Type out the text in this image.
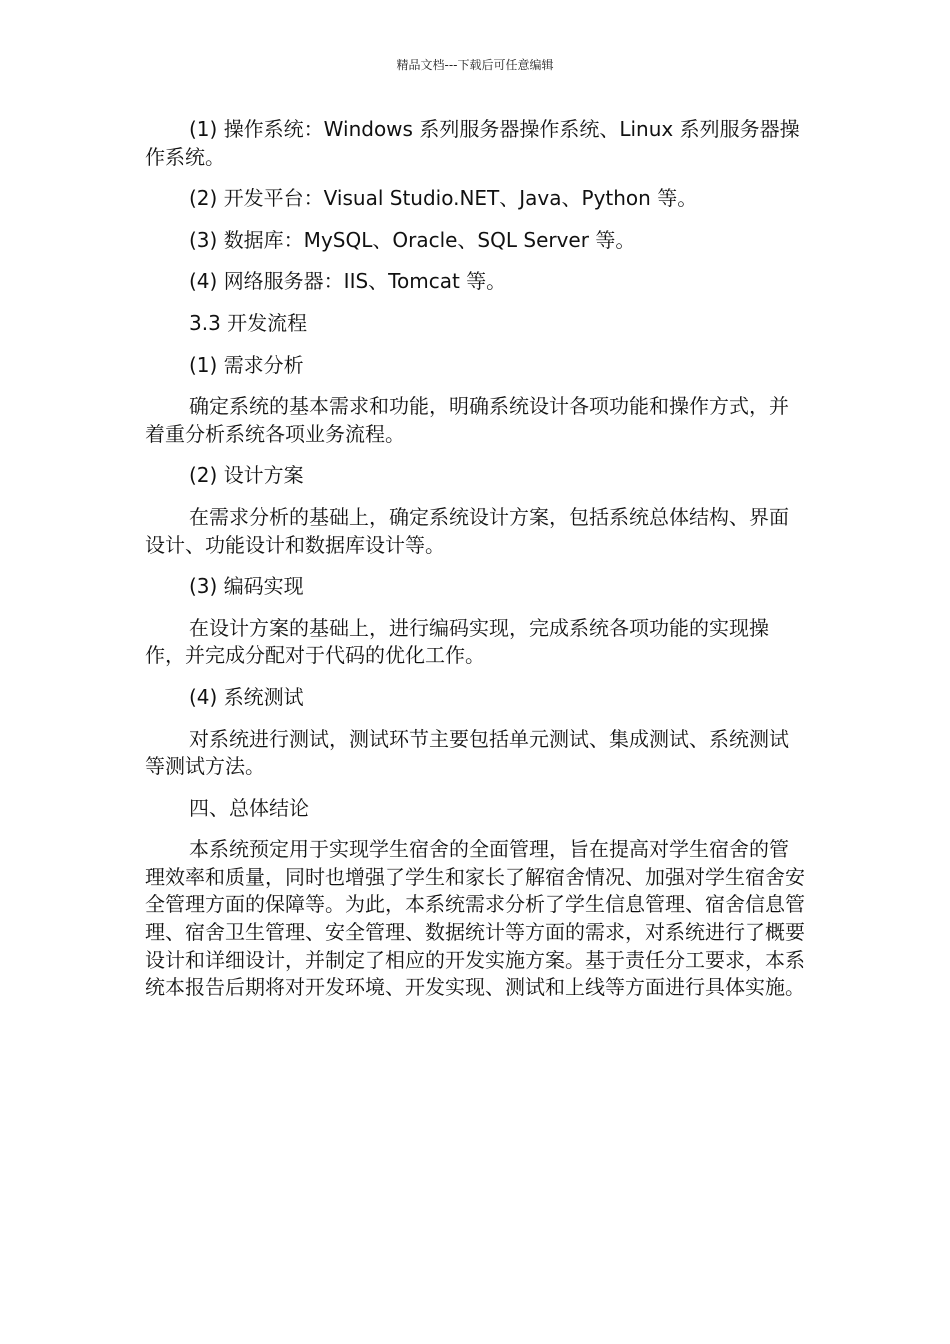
精品文档---下载后可任意编辑

(1) 操作系统：Windows 系列服务器操作系统、Linux 系列服务器操作系统。

(2) 开发平台：Visual Studio.NET、Java、Python 等。

(3) 数据库：MySQL、Oracle、SQL Server 等。

(4) 网络服务器：IIS、Tomcat 等。

3.3 开发流程

(1) 需求分析

确定系统的基本需求和功能，明确系统设计各项功能和操作方式，并着重分析系统各项业务流程。

(2) 设计方案

在需求分析的基础上，确定系统设计方案，包括系统总体结构、界面设计、功能设计和数据库设计等。

(3) 编码实现

在设计方案的基础上，进行编码实现，完成系统各项功能的实现操作，并完成分配对于代码的优化工作。

(4) 系统测试

对系统进行测试，测试环节主要包括单元测试、集成测试、系统测试等测试方法。

四、总体结论

本系统预定用于实现学生宿舍的全面管理，旨在提高对学生宿舍的管理效率和质量，同时也增强了学生和家长了解宿舍情况、加强对学生宿舍安全管理方面的保障等。为此，本系统需求分析了学生信息管理、宿舍信息管理、宿舍卫生管理、安全管理、数据统计等方面的需求，对系统进行了概要设计和详细设计，并制定了相应的开发实施方案。基于责任分工要求，本系统本报告后期将对开发环境、开发实现、测试和上线等方面进行具体实施。
